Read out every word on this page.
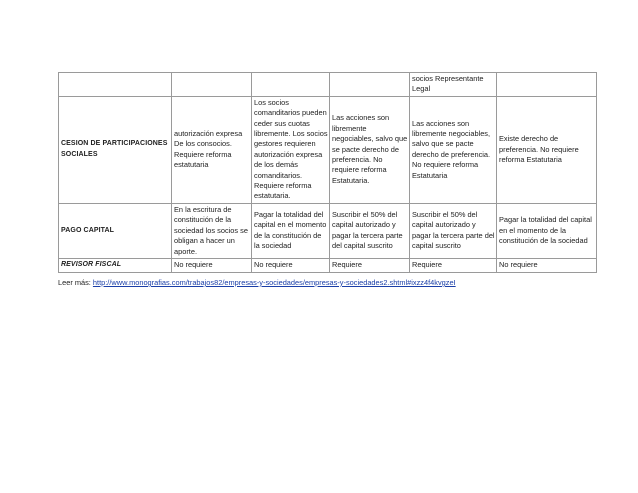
				socios Representante Legal	
CESION DE PARTICIPACIONES SOCIALES	autorización expresa De los consocios. Requiere reforma estatutaria	Los socios comanditarios pueden ceder sus cuotas libremente. Los socios gestores requieren autorización expresa de los demás comanditarios. Requiere reforma estatutaria.	Las acciones son libremente negociables, salvo que se pacte derecho de preferencia. No requiere reforma Estatutaria.	Las acciones son libremente negociables, salvo que se pacte derecho de preferencia. No requiere reforma Estatutaria	Existe derecho de preferencia. No requiere reforma Estatutaria
PAGO CAPITAL	En la escritura de constitución de la sociedad los socios se obligan a hacer un aporte.	Pagar la totalidad del capital en el momento de la constitución de la sociedad	Suscribir el 50% del capital autorizado y pagar la tercera parte del capital suscrito	Suscribir el 50% del capital autorizado y pagar la tercera parte del capital suscrito	Pagar la totalidad del capital en el momento de la constitución de la sociedad
REVISOR FISCAL	No requiere	No requiere	Requiere	Requiere	No requiere
Leer más: http://www.monografias.com/trabajos82/empresas-y-sociedades/empresas-y-sociedades2.shtml#ixzz4f4kvgzeI
